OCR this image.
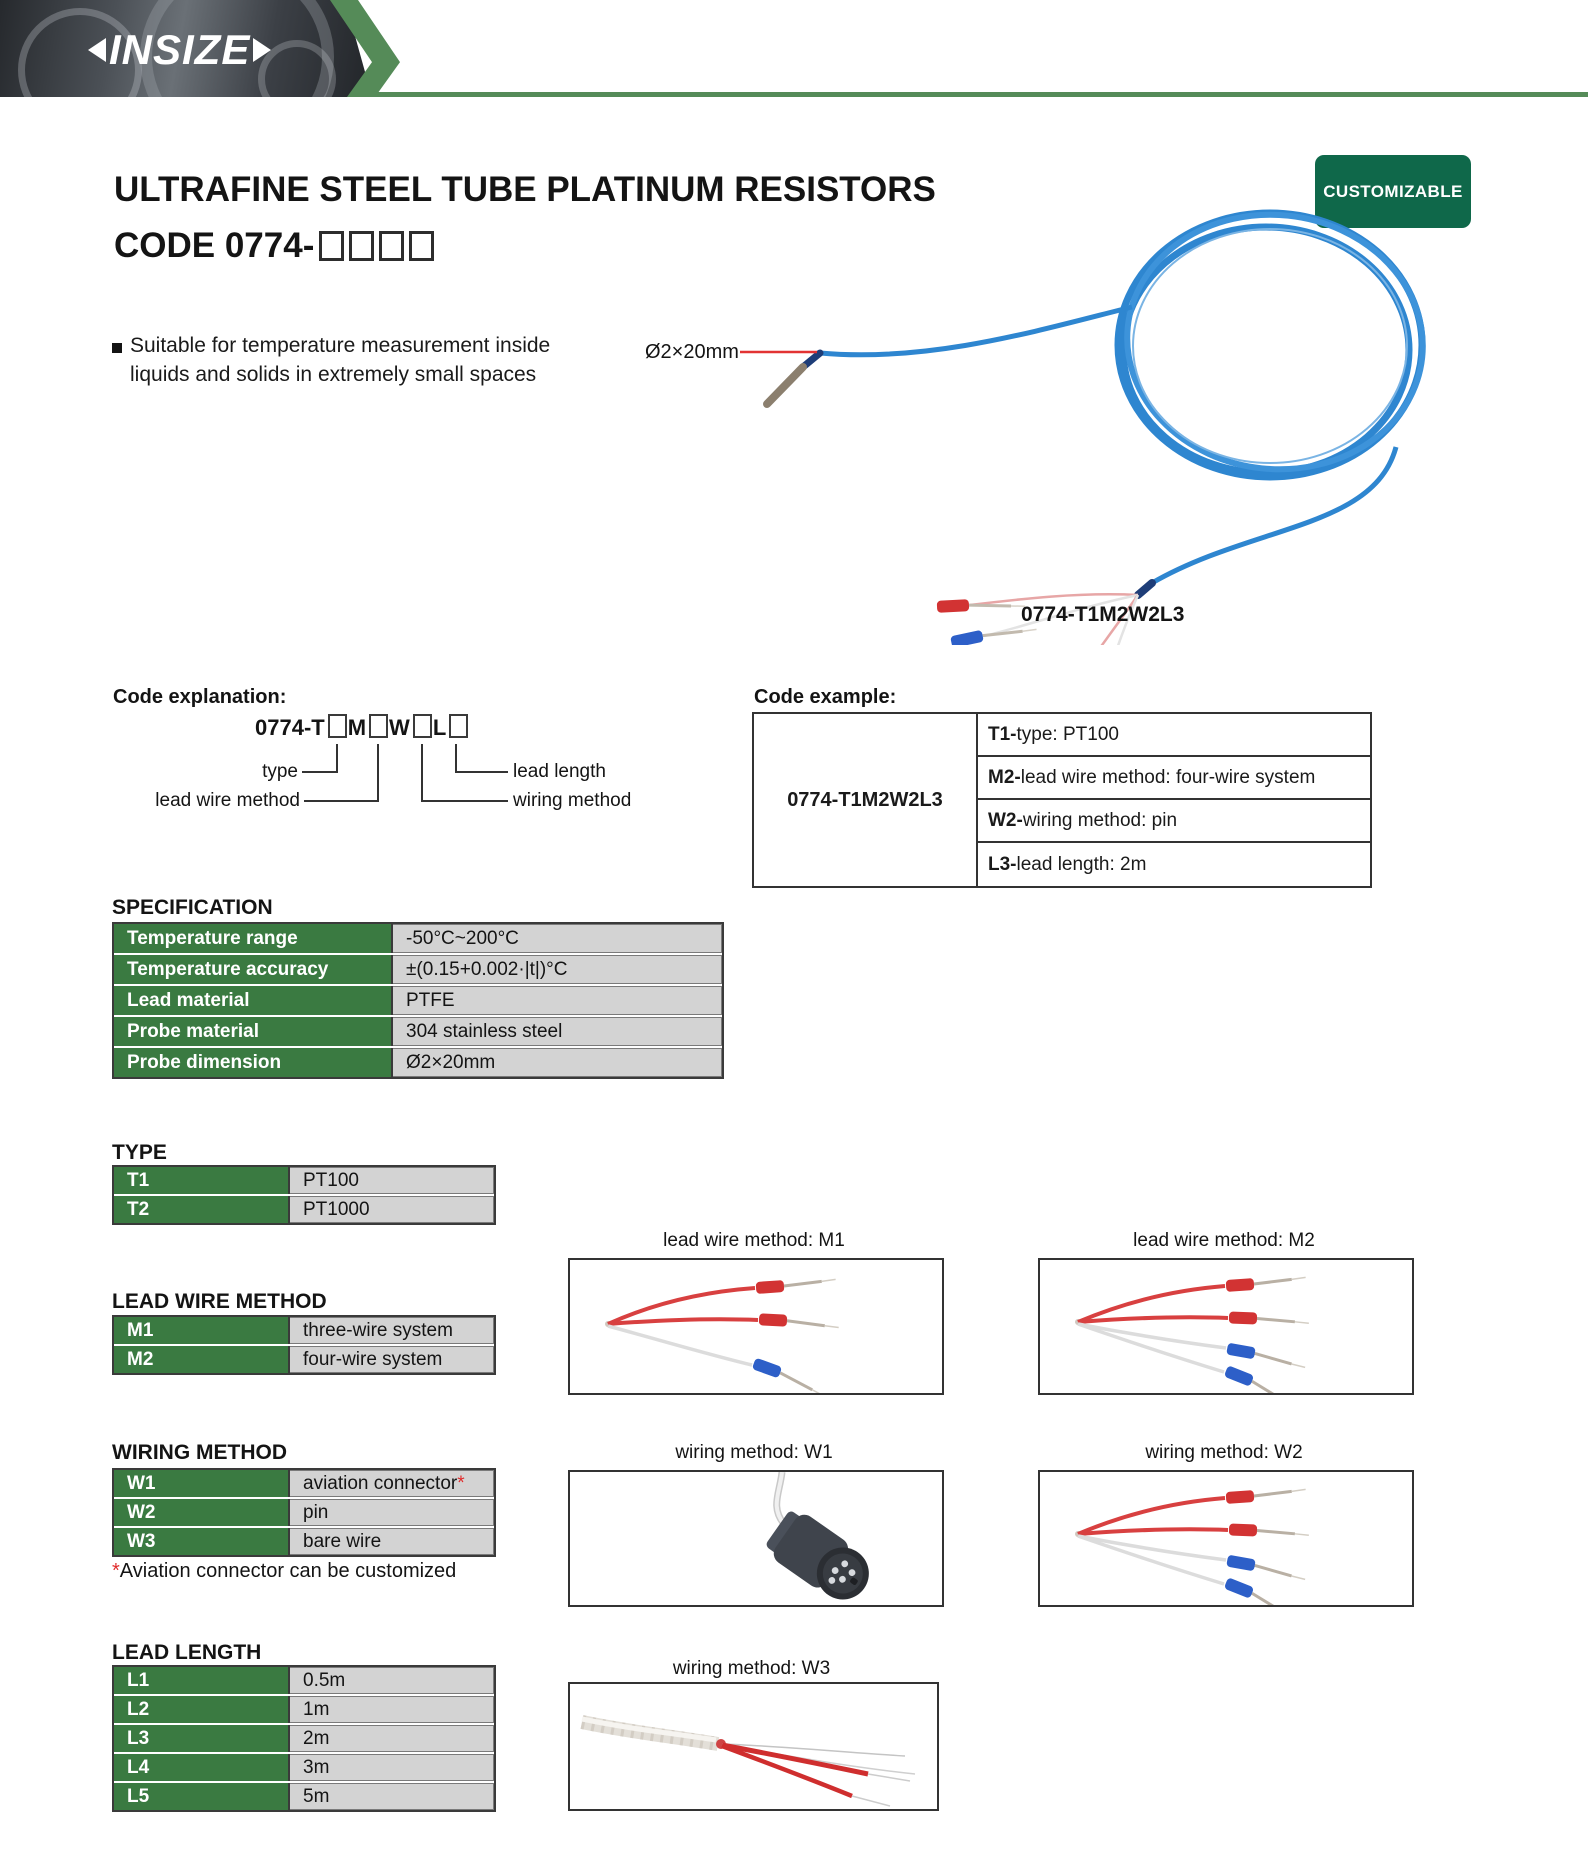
INSIZE
ULTRAFINE STEEL TUBE PLATINUM RESISTORS
CODE 0774-
CUSTOMIZABLE
Suitable for temperature measurement inside
liquids and solids in extremely small spaces
Ø2×20mm
0774-T1M2W2L3
Code explanation:
0774-T M W L
type
lead wire method
lead length
wiring method
Code example:
0774-T1M2W2L3
T1- type: PT100
M2- lead wire method: four-wire system
W2- wiring method: pin
L3- lead length: 2m
SPECIFICATION
Temperature range	-50°C~200°C
Temperature accuracy	±(0.15+0.002·|t|)°C
Lead material	PTFE
Probe material	304 stainless steel
Probe dimension	Ø2×20mm
TYPE
T1	PT100
T2	PT1000
LEAD WIRE METHOD
M1	three-wire system
M2	four-wire system
WIRING METHOD
W1	aviation connector *
W2	pin
W3	bare wire
*Aviation connector can be customized
LEAD LENGTH
L1	0.5m
L2	1m
L3	2m
L4	3m
L5	5m
lead wire method: M1	lead wire method: M2
wiring method: W1	wiring method: W2
wiring method: W3
